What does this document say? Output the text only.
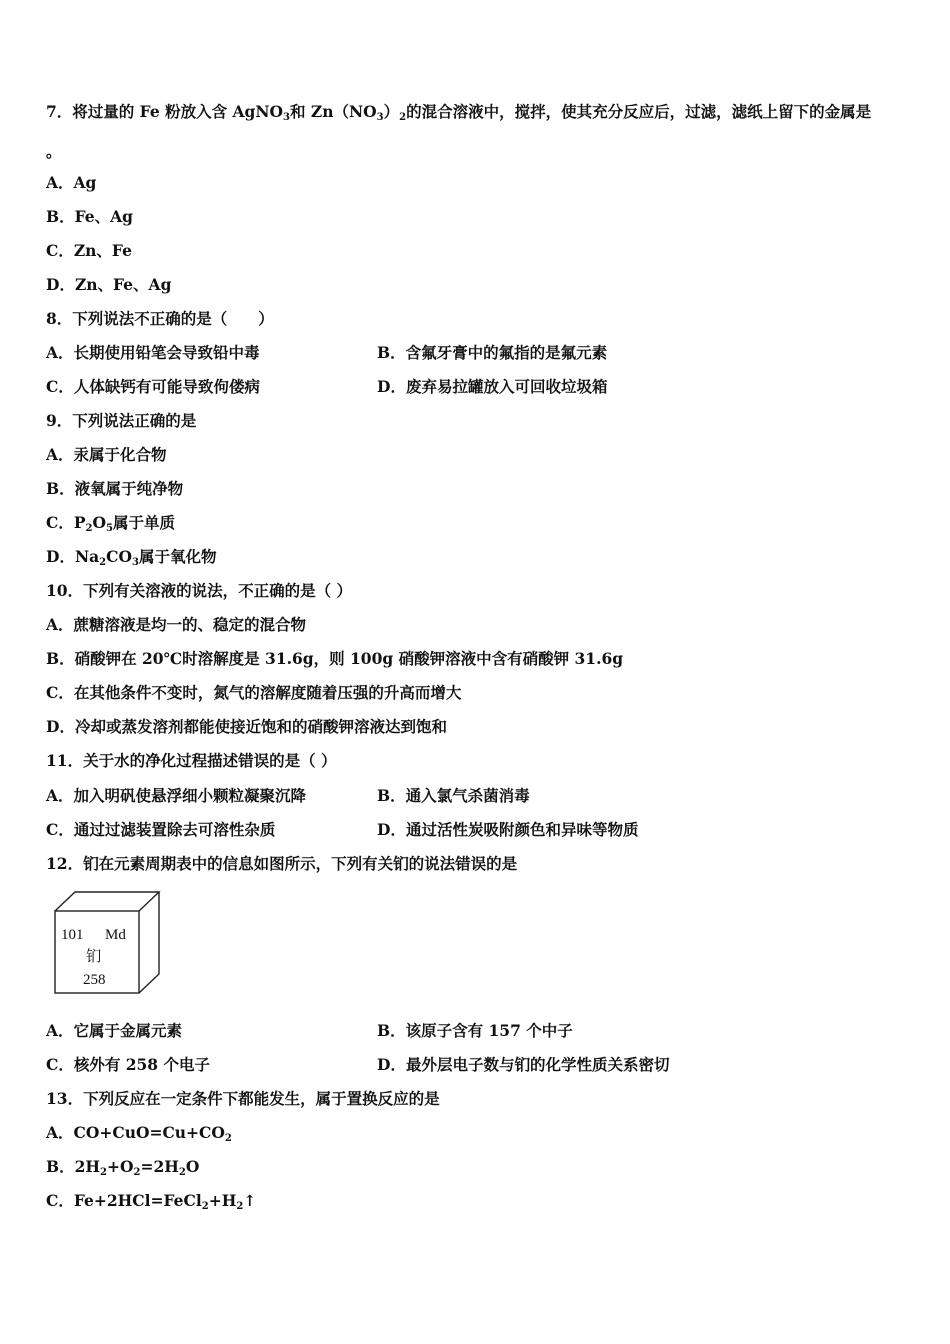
7．将过量的 Fe 粉放入含 AgNO$_3$和 $Zn(NO_3)_2$的混合溶液中，搅拌，使其充分反应后，过滤，滤纸上留下的金属是
。
A．Ag
B．Fe、Ag
C．Zn、Fe
D．Zn、Fe、Ag
8．下列说法不正确的是（　　）
A．长期使用铅笔会导致铅中毒	B．含氟牙膏中的氟指的是氟元素
C．人体缺钙有可能导致佝偻病	D．废弃易拉罐放入可回收垃圾箱
9．下列说法正确的是
A．汞属于化合物
B．液氧属于纯净物
C．$P_2O_5$属于单质
D．$Na_2CO_3$属于氧化物
10．下列有关溶液的说法，不正确的是（ ）
A．蔗糖溶液是均一的、稳定的混合物
B．硝酸钾在 20℃时溶解度是 31.6g，则 100g 硝酸钾溶液中含有硝酸钾 31.6g
C．在其他条件不变时，氮气的溶解度随着压强的升高而增大
D．冷却或蒸发溶剂都能使接近饱和的硝酸钾溶液达到饱和
11．关于水的净化过程描述错误的是（ ）
A．加入明矾使悬浮细小颗粒凝聚沉降	B．通入氯气杀菌消毒
C．通过过滤装置除去可溶性杂质	D．通过活性炭吸附颜色和异味等物质
12．钔在元素周期表中的信息如图所示，下列有关钔的说法错误的是
101 Md
钔
258
A．它属于金属元素	B．该原子含有 157 个中子
C．核外有 258 个电子	D．最外层电子数与钔的化学性质关系密切
13．下列反应在一定条件下都能发生，属于置换反应的是
A．$CO+CuO=Cu+CO_2$
B．$2H_2+O_2=2H_2O$
C．$Fe+2HCl=FeCl_2+H_2↑$
